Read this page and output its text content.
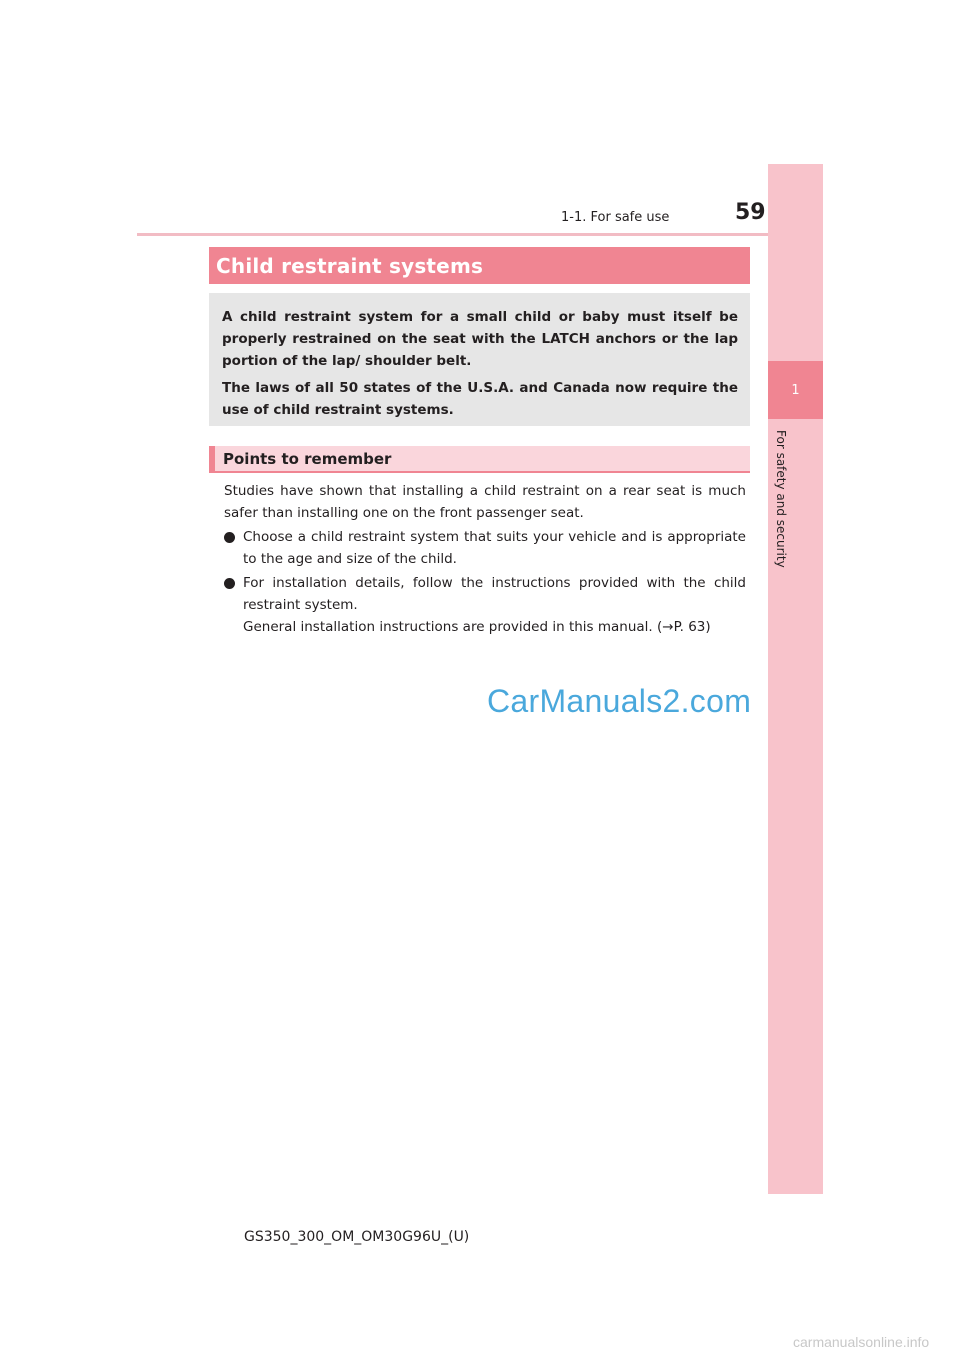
1-1. For safe use	59
1
For safety and security
Child restraint systems

A child restraint system for a small child or baby must itself be properly restrained on the seat with the LATCH anchors or the lap portion of the lap/ shoulder belt.

The laws of all 50 states of the U.S.A. and Canada now require the use of child restraint systems.

Points to remember

Studies have shown that installing a child restraint on a rear seat is much safer than installing one on the front passenger seat.

Choose a child restraint system that suits your vehicle and is appropriate to the age and size of the child.

For installation details, follow the instructions provided with the child restraint system.

General installation instructions are provided in this manual. (→P. 63)

CarManuals2.com
GS350_300_OM_OM30G96U_(U)
carmanualsonline.info
